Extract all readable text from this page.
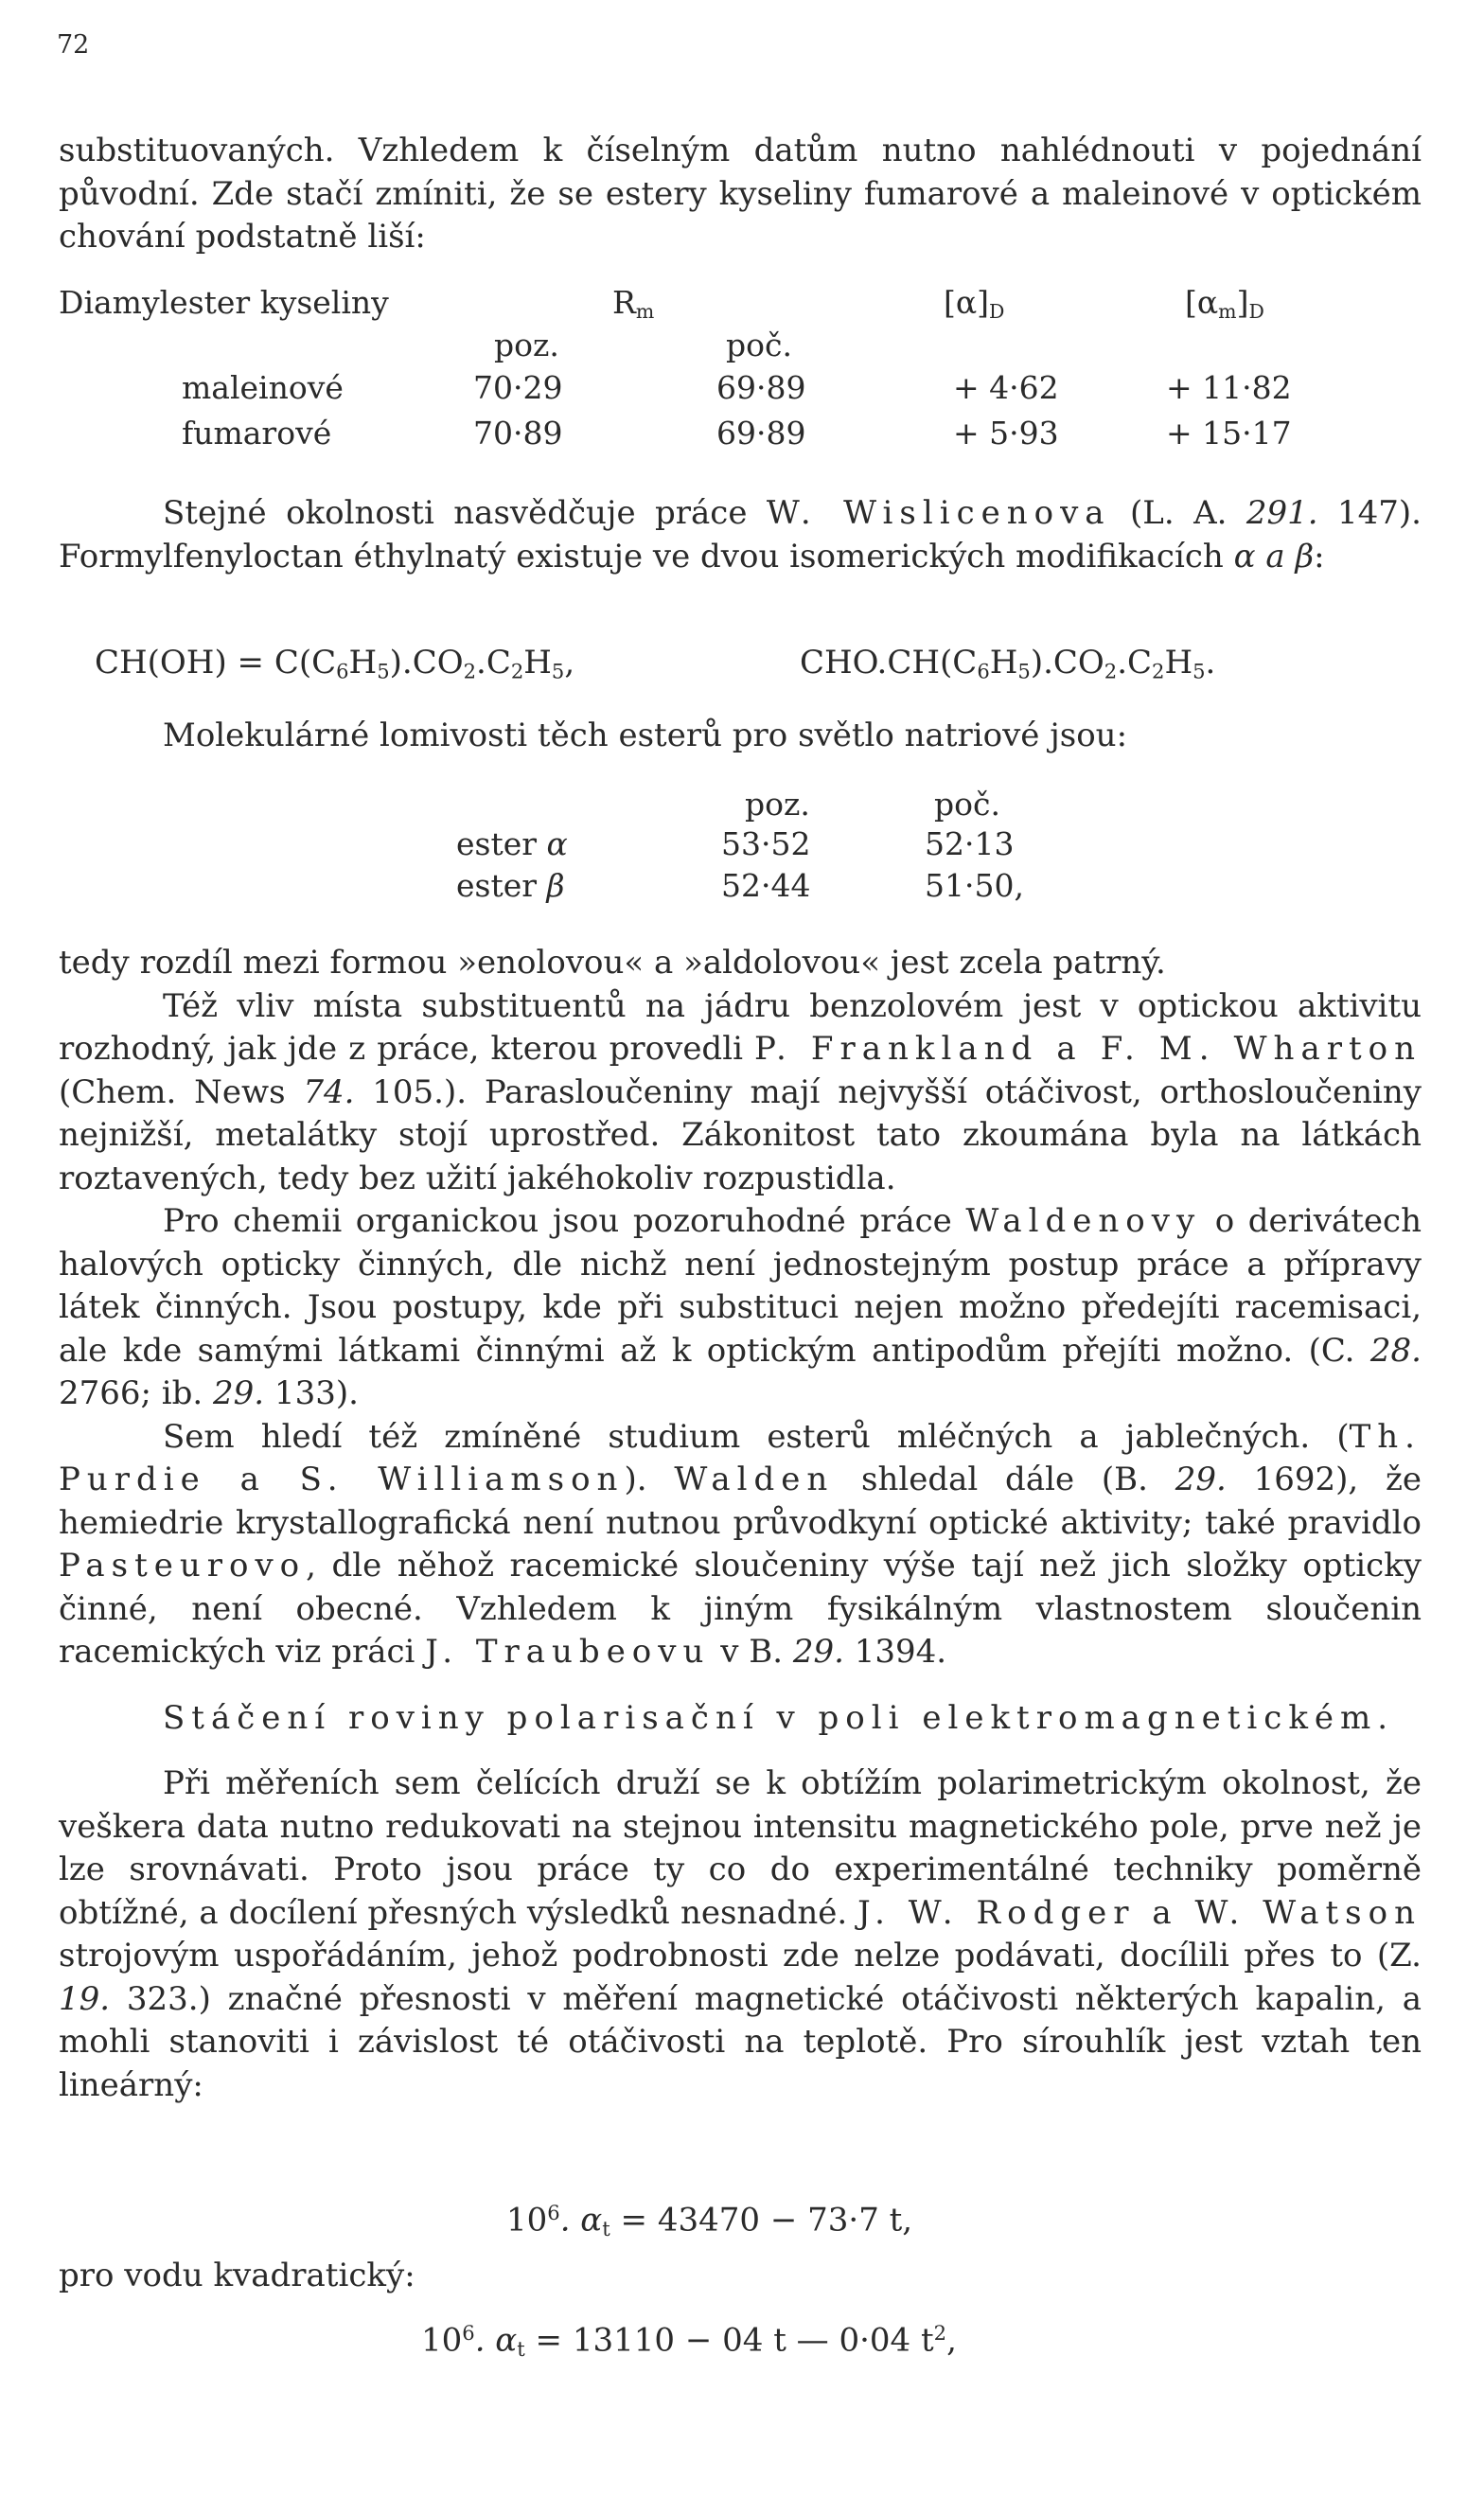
72

substituovaných. Vzhledem k číselným datům nutno nahlédnouti v pojednání původní. Zde stačí zmíniti, že se estery kyseliny fumarové a maleinové v optickém chování podstatně liší:

Diamylester kyseliny	$R_m$	$[\alpha]_D$	$[\alpha_m]_D$
poz.	poč.
maleinové	70·29	69·89	+ 4·62	+ 11·82
fumarové	70·89	69·89	+ 5·93	+ 15·17

Stejné okolnosti nasvědčuje práce W. Wislicenova (L. A. 291. 147). Formylfenyloctan éthylnatý existuje ve dvou isomerických modifikacích α a β:

$CH(OH) = C(C_6H_5).CO_2.C_2H_5$,	$CHO.CH(C_6H_5).CO_2.C_2H_5$.

Molekulárné lomivosti těch esterů pro světlo natriové jsou:

poz.	poč.
ester α	53·52	52·13
ester β	52·44	51·50,

tedy rozdíl mezi formou »enolovou« a »aldolovou« jest zcela patrný.

Též vliv místa substituentů na jádru benzolovém jest v optickou aktivitu rozhodný, jak jde z práce, kterou provedli P. Frankland a F. M. Wharton (Chem. News 74. 105.). Parasloučeniny mají nejvyšší otáčivost, orthosloučeniny nejnižší, metalátky stojí uprostřed. Zákonitost tato zkoumána byla na látkách roztavených, tedy bez užití jakéhokoliv rozpustidla.

Pro chemii organickou jsou pozoruhodné práce Waldenovy o derivátech halových opticky činných, dle nichž není jednostejným postup práce a přípravy látek činných. Jsou postupy, kde při substituci nejen možno předejíti racemisaci, ale kde samými látkami činnými až k optickým antipodům přejíti možno. (C. 28. 2766; ib. 29. 133).

Sem hledí též zmíněné studium esterů mléčných a jablečných. (Th. Purdie a S. Williamson). Walden shledal dále (B. 29. 1692), že hemiedrie krystallografická není nutnou průvodkyní optické aktivity; také pravidlo Pasteurovo, dle něhož racemické sloučeniny výše tají než jich složky opticky činné, není obecné. Vzhledem k jiným fysikálným vlastnostem sloučenin racemických viz práci J. Traubeovu v B. 29. 1394.

Stáčení roviny polarisační v poli elektromagnetickém.

Při měřeních sem čelících druží se k obtížím polarimetrickým okolnost, že veškera data nutno redukovati na stejnou intensitu magnetického pole, prve než je lze srovnávati. Proto jsou práce ty co do experimentálné techniky poměrně obtížné, a docílení přesných výsledků nesnadné. J. W. Rodger a W. Watson strojovým uspořádáním, jehož podrobnosti zde nelze podávati, docílili přes to (Z. 19. 323.) značné přesnosti v měření magnetické otáčivosti některých kapalin, a mohli stanoviti i závislost té otáčivosti na teplotě. Pro sírouhlík jest vztah ten lineárný:

$10^6$. $\alpha_t = 43470 - 73\cdot 7$ t,

pro vodu kvadratický:

$10^6$. $\alpha_t = 13110 - 04$ t — 0·04 $t^2$,
